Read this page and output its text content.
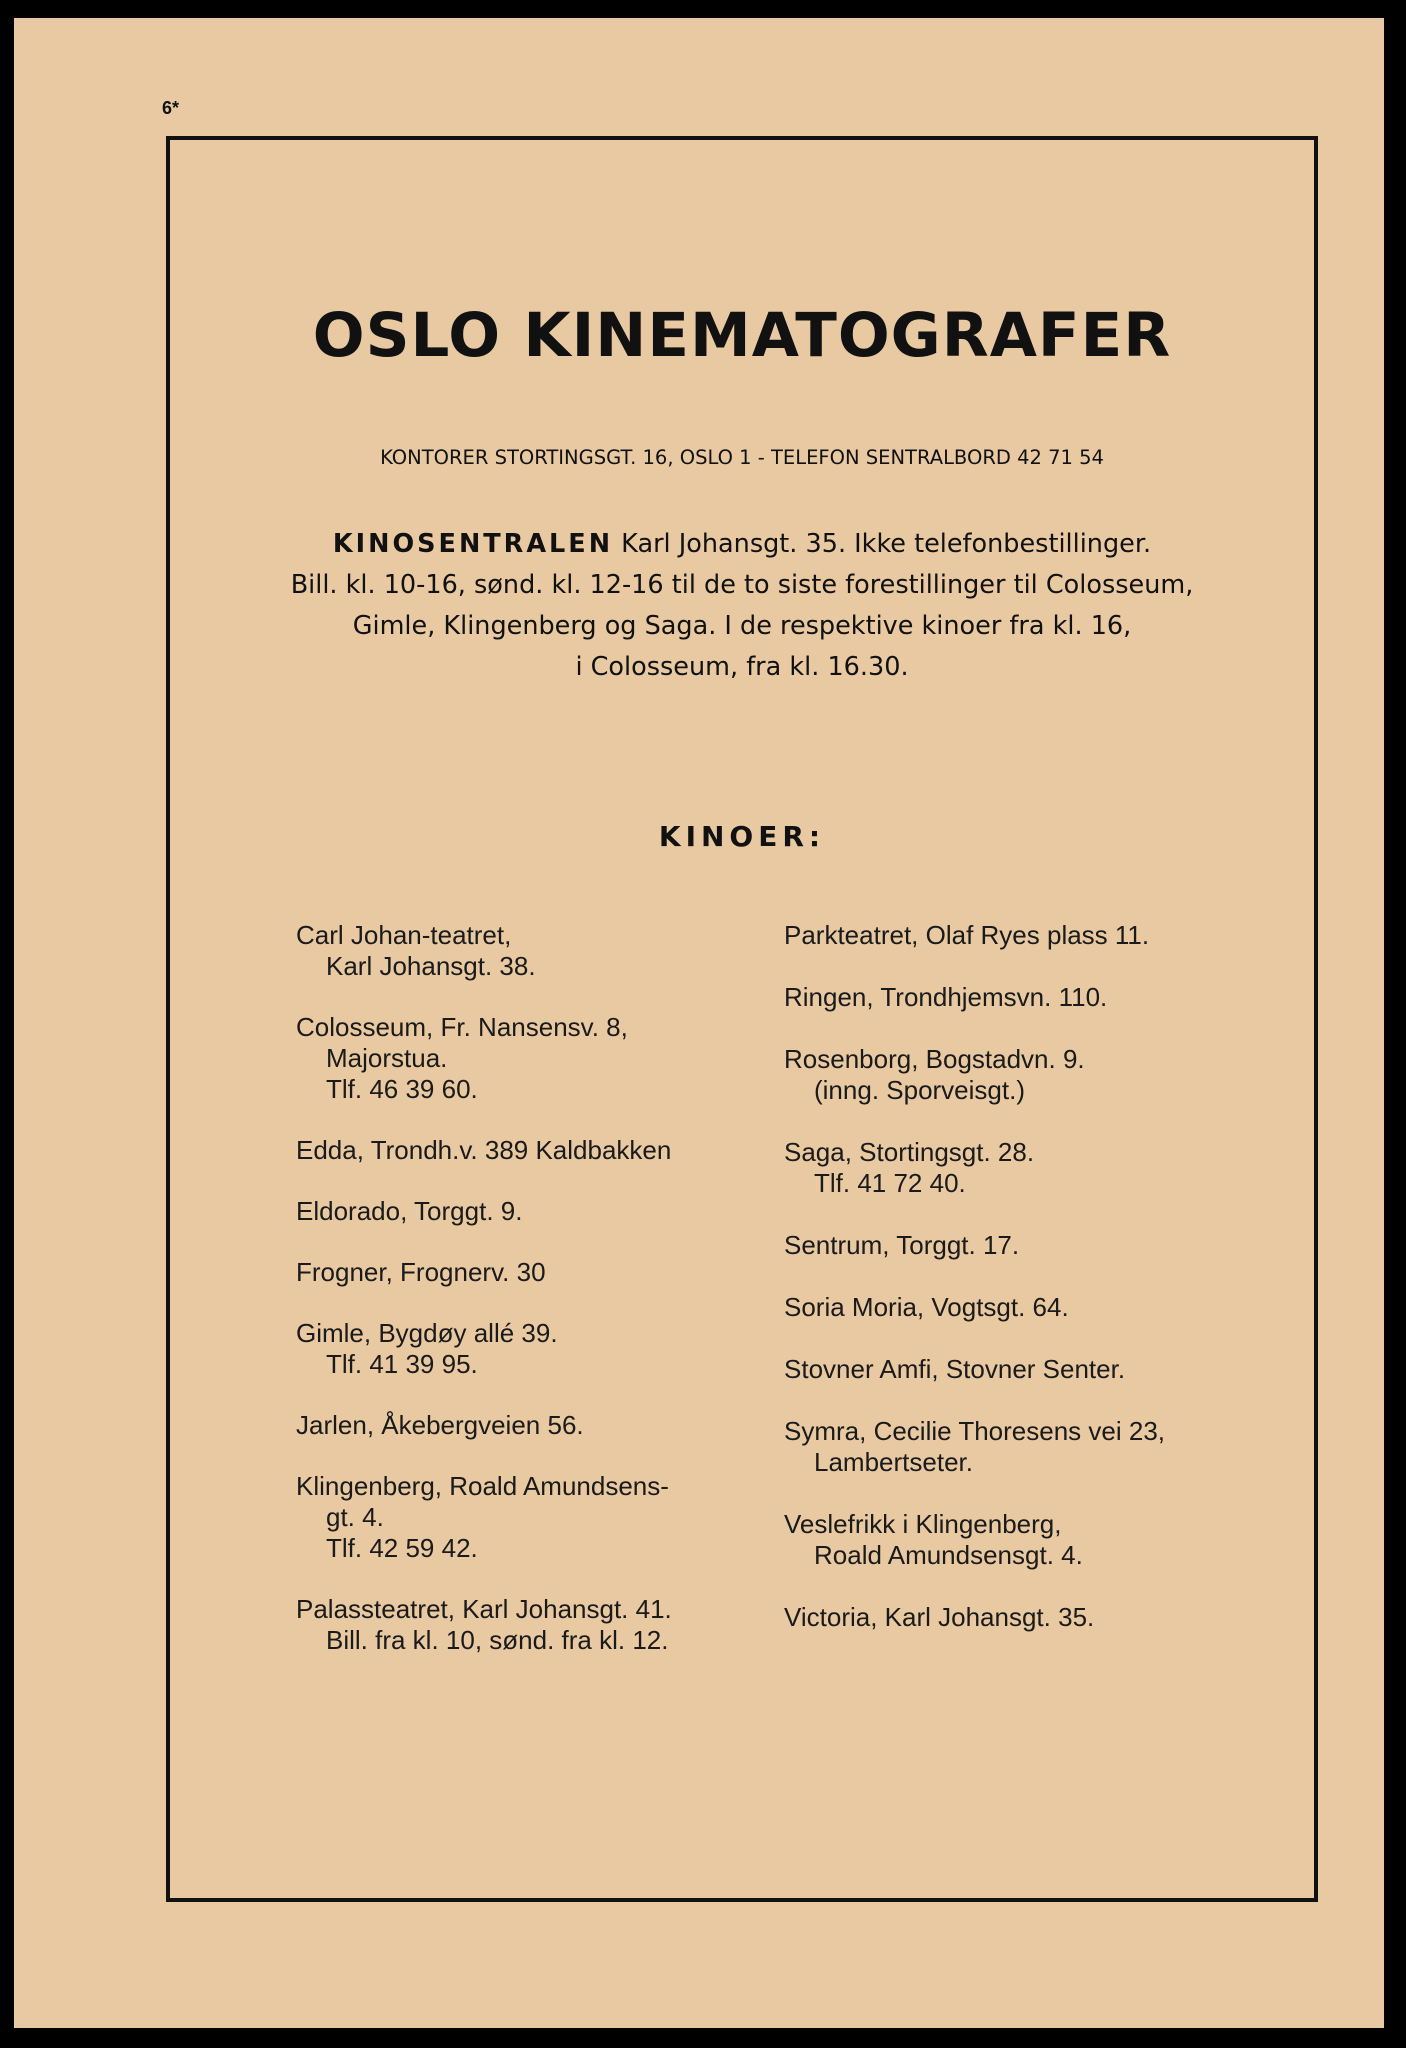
6*
OSLO KINEMATOGRAFER
KONTORER STORTINGSGT. 16, OSLO 1 - TELEFON SENTRALBORD 42 71 54
KINOSENTRALEN Karl Johansgt. 35. Ikke telefonbestillinger.
Bill. kl. 10-16, sønd. kl. 12-16 til de to siste forestillinger til Colosseum,
Gimle, Klingenberg og Saga. I de respektive kinoer fra kl. 16,
i Colosseum, fra kl. 16.30.
KINOER:
Carl Johan-teatret,
Karl Johansgt. 38.
Colosseum, Fr. Nansensv. 8,
Majorstua.
Tlf. 46 39 60.
Edda, Trondh.v. 389 Kaldbakken
Eldorado, Torggt. 9.
Frogner, Frognerv. 30
Gimle, Bygdøy allé 39.
Tlf. 41 39 95.
Jarlen, Åkebergveien 56.
Klingenberg, Roald Amundsens-
gt. 4.
Tlf. 42 59 42.
Palassteatret, Karl Johansgt. 41.
Bill. fra kl. 10, sønd. fra kl. 12.
Parkteatret, Olaf Ryes plass 11.
Ringen, Trondhjemsvn. 110.
Rosenborg, Bogstadvn. 9.
(inng. Sporveisgt.)
Saga, Stortingsgt. 28.
Tlf. 41 72 40.
Sentrum, Torggt. 17.
Soria Moria, Vogtsgt. 64.
Stovner Amfi, Stovner Senter.
Symra, Cecilie Thoresens vei 23,
Lambertseter.
Veslefrikk i Klingenberg,
Roald Amundsensgt. 4.
Victoria, Karl Johansgt. 35.
